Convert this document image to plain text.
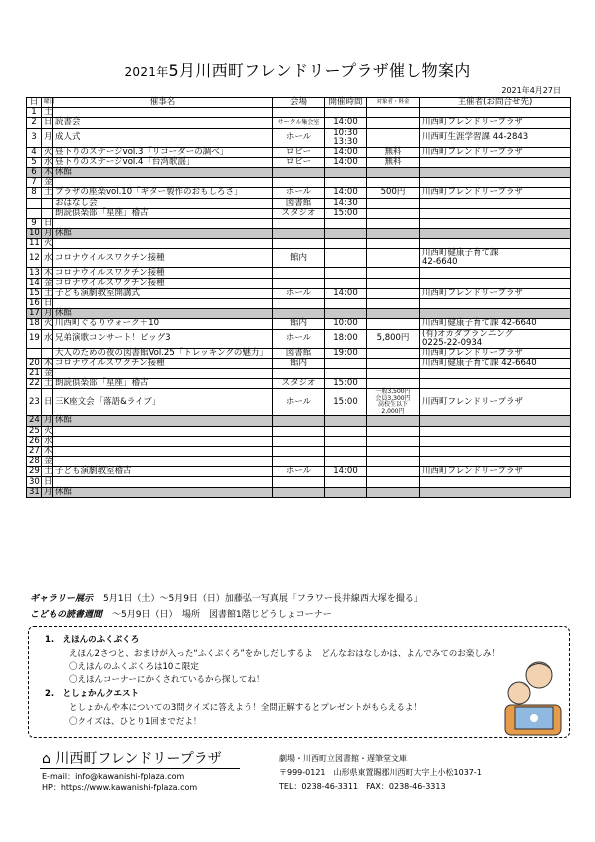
2021年5月川西町フレンドリープラザ催し物案内
2021年4月27日
日	曜日	催事名	会場	開催時間	対象者・料金	主催者(お問合せ先)
1	土					
2	日	読書会	サークル集会室	14:00		川西町フレンドリープラザ
3	月	成人式	ホール	10:30
13:30		川西町生涯学習課 44-2843
4	火	昼下りのステージvol.3「リコーダーの調べ」	ロビー	14:00	無料	川西町フレンドリープラザ
5	水	昼下りのステージvol.4「台湾歌謡」	ロビー	14:00	無料	
6	木	休館				
7	金					
8	土	プラザの座楽vol.10「ギター製作のおもしろさ」	ホール	14:00	500円	川西町フレンドリープラザ
		おはなし会	図書館	14:30		
		朗読俱楽部「星座」稽古	スタジオ	15:00		
9	日					
10	月	休館				
11	火					
12	水	コロナウイルスワクチン接種	館内			川西町健康子育て課
42-6640
13	木	コロナウイルスワクチン接種				
14	金	コロナウイルスワクチン接種				
15	土	子ども演劇教室開講式	ホール	14:00		川西町フレンドリープラザ
16	日					
17	月	休館				
18	火	川西町ぐるりウォーク＋10	館内	10:00		川西町健康子育て課 42-6640
19	水	兄弟演歌コンサート！ビッグ3	ホール	18:00	5,800円	(有)オカダプランニング
0225-22-0934
		大人のための夜の図書館Vol.25「トレッキングの魅力」	図書館	19:00		川西町フレンドリープラザ
20	木	コロナウイルスワクチン接種	館内			川西町健康子育て課 42-6640
21	金					
22	土	朗読俱楽部「星座」稽古	スタジオ	15:00		
23	日	三K座文会「落語&ライブ」	ホール	15:00	一般3,500円
会員3,300円
高校生以下
2,000円	川西町フレンドリープラザ
24	月	休館				
25	火					
26	水					
27	木					
28	金					
29	土	子ども演劇教室稽古	ホール	14:00		川西町フレンドリープラザ
30	日					
31	月	休館				
ギャラリー展示 5月1日（土）～5月9日（日）加藤弘一写真展「フラワー長井線西大塚を撮る」
こどもの読書週間 ～5月9日（日）　場所　図書館1階じどうしょコーナー
1.　えほんのふくぶくろ
えほん2さつと、おまけが入った“ふくぶくろ”をかしだしするよ　どんなおはなしかは、よんでみてのお楽しみ！
〇えほんのふくぶくろは10こ限定
〇えほんコーナーにかくされているから探してね！
2.　としょかんクエスト
としょかんや本についての3問クイズに答えよう！全問正解するとプレゼントがもらえるよ！
〇クイズは、ひとり1回までだよ！
⌂ 川西町フレンドリープラザ
E-mail：info@kawanishi-fplaza.com
HP：https://www.kawanishi-fplaza.com
劇場・川西町立図書館・遅筆堂文庫
〒999-0121　山形県東置賜郡川西町大字上小松1037-1
TEL：0238-46-3311　FAX：0238-46-3313
